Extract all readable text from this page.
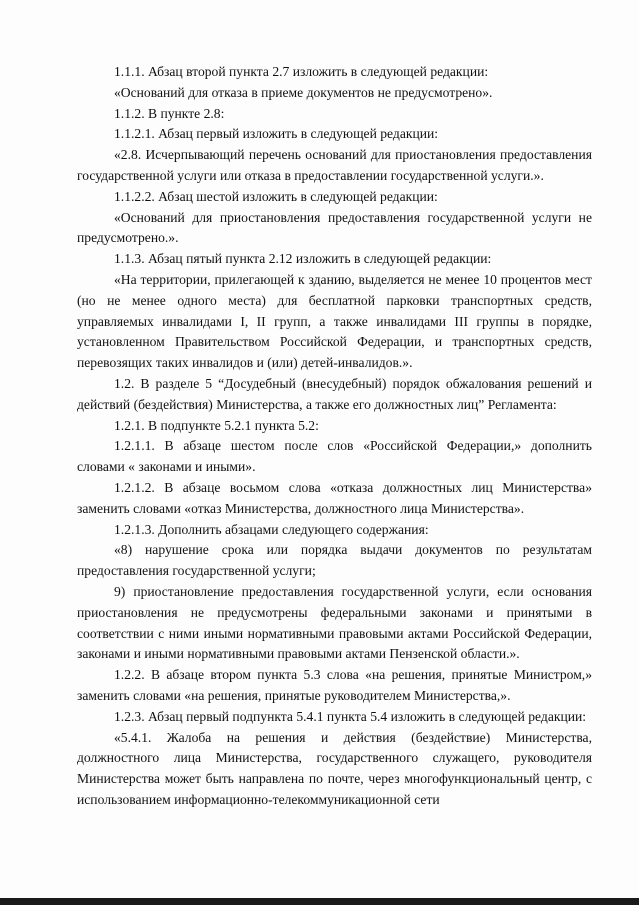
1.1.1. Абзац второй пункта 2.7 изложить в следующей редакции:

«Оснований для отказа в приеме документов не предусмотрено».

1.1.2. В пункте 2.8:

1.1.2.1. Абзац первый изложить в следующей редакции:

«2.8. Исчерпывающий перечень оснований для приостановления предоставления государственной услуги или отказа в предоставлении государственной услуги.».

1.1.2.2. Абзац шестой изложить в следующей редакции:

«Оснований для приостановления предоставления государственной услуги не предусмотрено.».

1.1.3. Абзац пятый пункта 2.12 изложить в следующей редакции:

«На территории, прилегающей к зданию, выделяется не менее 10 процентов мест (но не менее одного места) для бесплатной парковки транспортных средств, управляемых инвалидами I, II групп, а также инвалидами III группы в порядке, установленном Правительством Российской Федерации, и транспортных средств, перевозящих таких инвалидов и (или) детей-инвалидов.».

1.2. В разделе 5 “Досудебный (внесудебный) порядок обжалования решений и действий (бездействия) Министерства, а также его должностных лиц” Регламента:

1.2.1. В подпункте 5.2.1 пункта 5.2:

1.2.1.1. В абзаце шестом после слов «Российской Федерации,» дополнить словами « законами и иными».

1.2.1.2. В абзаце восьмом слова «отказа должностных лиц Министерства» заменить словами «отказ Министерства, должностного лица Министерства».

1.2.1.3. Дополнить абзацами следующего содержания:

«8) нарушение срока или порядка выдачи документов по результатам предоставления государственной услуги;

9) приостановление предоставления государственной услуги, если основания приостановления не предусмотрены федеральными законами и принятыми в соответствии с ними иными нормативными правовыми актами Российской Федерации, законами и иными нормативными правовыми актами Пензенской области.».

1.2.2. В абзаце втором пункта 5.3 слова «на решения, принятые Министром,» заменить словами «на решения, принятые руководителем Министерства,».

1.2.3. Абзац первый подпункта 5.4.1 пункта 5.4 изложить в следующей редакции:

«5.4.1. Жалоба на решения и действия (бездействие) Министерства, должностного лица Министерства, государственного служащего, руководителя Министерства может быть направлена по почте, через многофункциональный центр, с использованием информационно-телекоммуникационной сети
